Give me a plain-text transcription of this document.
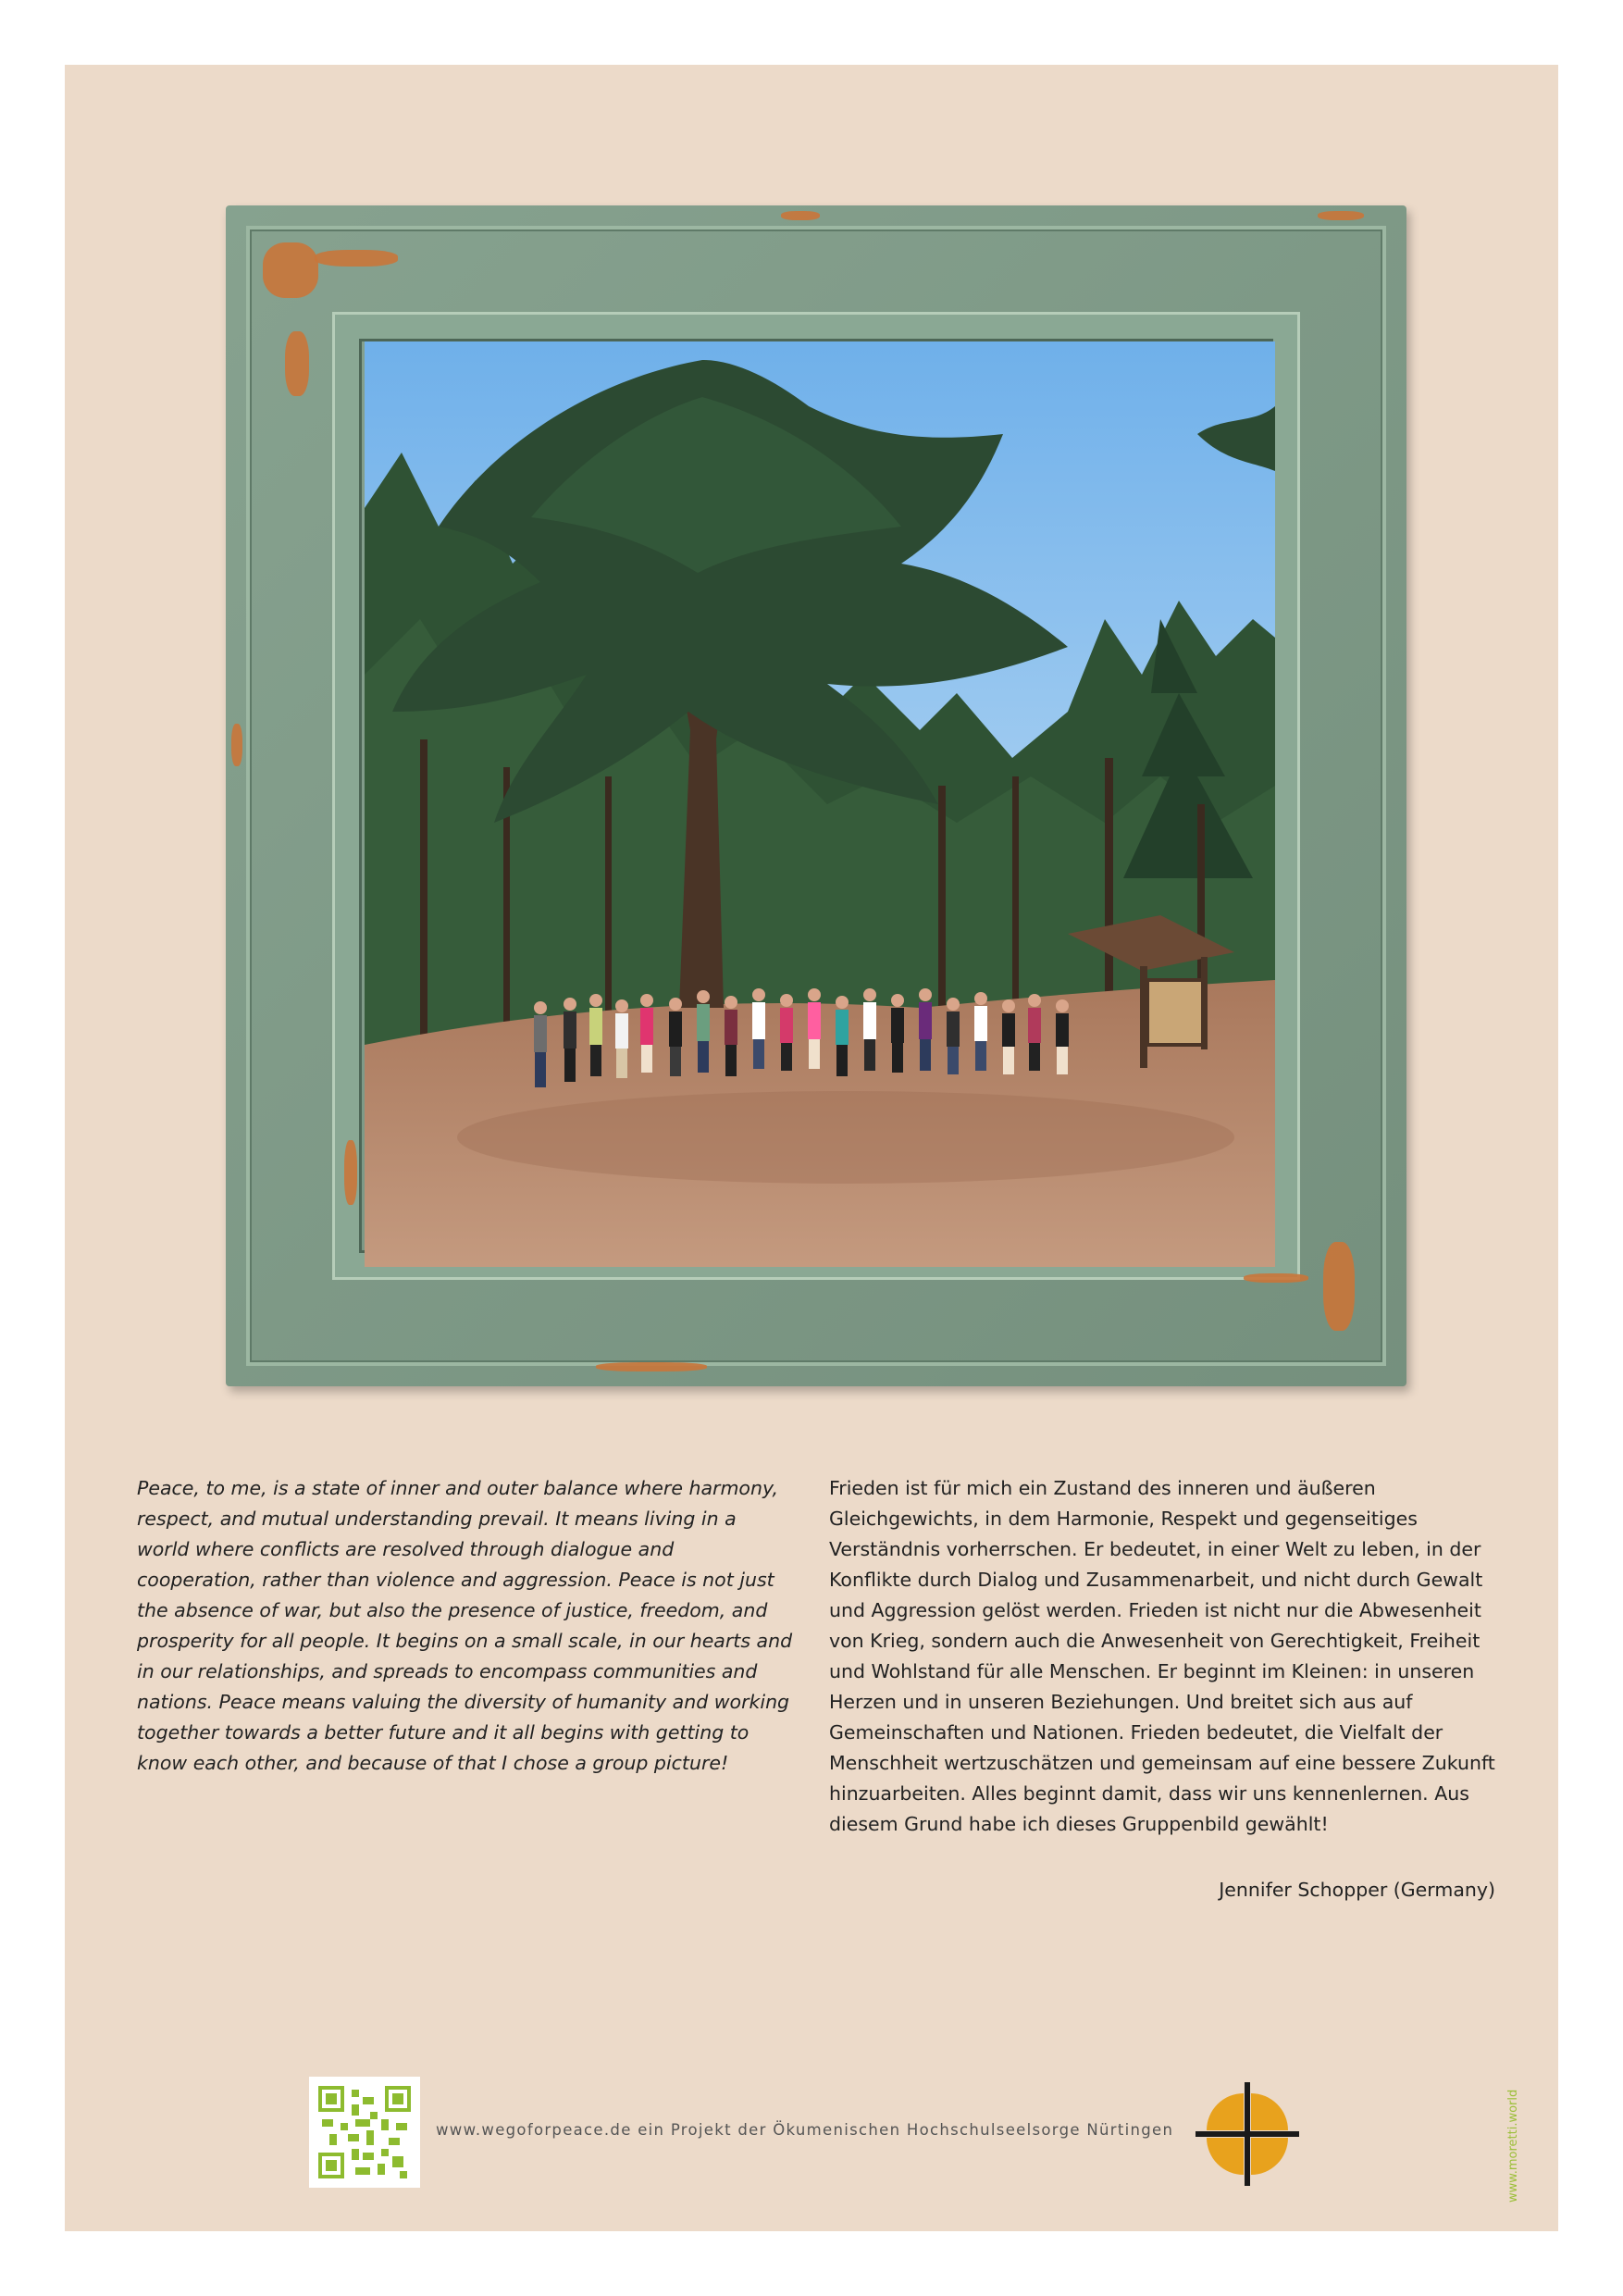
Peace, to me, is a state of inner and outer balance where harmony, respect, and mutual understanding prevail. It means living in a world where conflicts are resolved through dialogue and cooperation, rather than violence and aggression. Peace is not just the absence of war, but also the presence of justice, freedom, and prosperity for all people. It begins on a small scale, in our hearts and in our relationships, and spreads to encompass communities and nations. Peace means valuing the diversity of humanity and working together towards a better future and it all begins with getting to know each other, and because of that I chose a group picture!

Frieden ist für mich ein Zustand des inneren und äußeren Gleichgewichts, in dem Harmonie, Respekt und gegenseitiges Verständnis vorherrschen. Er bedeutet, in einer Welt zu leben, in der Konflikte durch Dialog und Zusammenarbeit, und nicht durch Gewalt und Aggression gelöst werden. Frieden ist nicht nur die Abwesenheit von Krieg, sondern auch die Anwesenheit von Gerechtigkeit, Freiheit und Wohlstand für alle Menschen. Er beginnt im Kleinen: in unseren Herzen und in unseren Beziehungen. Und breitet sich aus auf Gemeinschaften und Nationen. Frieden bedeutet, die Vielfalt der Menschheit wertzuschätzen und gemeinsam auf eine bessere Zukunft hinzuarbeiten. Alles beginnt damit, dass wir uns kennenlernen. Aus diesem Grund habe ich dieses Gruppenbild gewählt!

Jennifer Schopper (Germany)
www.wegoforpeace.de ein Projekt der Ökumenischen Hochschulseelsorge Nürtingen	www.moretti.world
